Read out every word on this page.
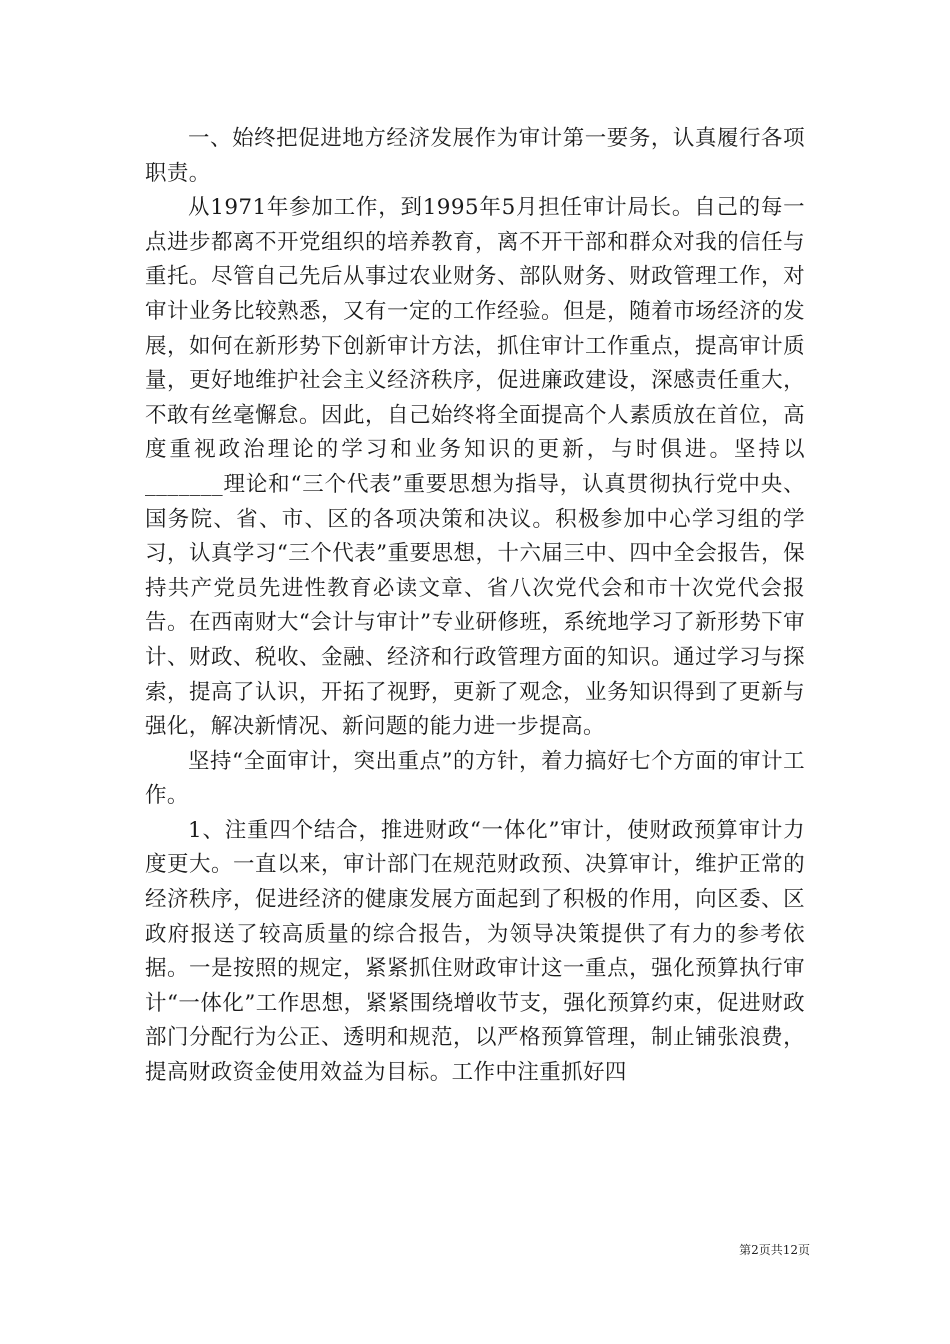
一、始终把促进地方经济发展作为审计第一要务，认真履行各项职责。

从1971年参加工作，到1995年5月担任审计局长。自己的每一点进步都离不开党组织的培养教育，离不开干部和群众对我的信任与重托。尽管自己先后从事过农业财务、部队财务、财政管理工作，对审计业务比较熟悉，又有一定的工作经验。但是，随着市场经济的发展，如何在新形势下创新审计方法，抓住审计工作重点，提高审计质量，更好地维护社会主义经济秩序，促进廉政建设，深感责任重大，不敢有丝毫懈怠。因此，自己始终将全面提高个人素质放在首位，高度重视政治理论的学习和业务知识的更新，与时俱进。坚持以_______理论和“三个代表”重要思想为指导，认真贯彻执行党中央、国务院、省、市、区的各项决策和决议。积极参加中心学习组的学习，认真学习“三个代表”重要思想，十六届三中、四中全会报告，保持共产党员先进性教育必读文章、省八次党代会和市十次党代会报告。在西南财大“会计与审计”专业研修班，系统地学习了新形势下审计、财政、税收、金融、经济和行政管理方面的知识。通过学习与探索，提高了认识，开拓了视野，更新了观念，业务知识得到了更新与强化，解决新情况、新问题的能力进一步提高。

坚持“全面审计，突出重点”的方针，着力搞好七个方面的审计工作。

1、注重四个结合，推进财政“一体化”审计，使财政预算审计力度更大。一直以来，审计部门在规范财政预、决算审计，维护正常的经济秩序，促进经济的健康发展方面起到了积极的作用，向区委、区政府报送了较高质量的综合报告，为领导决策提供了有力的参考依据。一是按照的规定，紧紧抓住财政审计这一重点，强化预算执行审计“一体化”工作思想，紧紧围绕增收节支，强化预算约束，促进财政部门分配行为公正、透明和规范，以严格预算管理，制止铺张浪费，提高财政资金使用效益为目标。工作中注重抓好四

第2页共12页
